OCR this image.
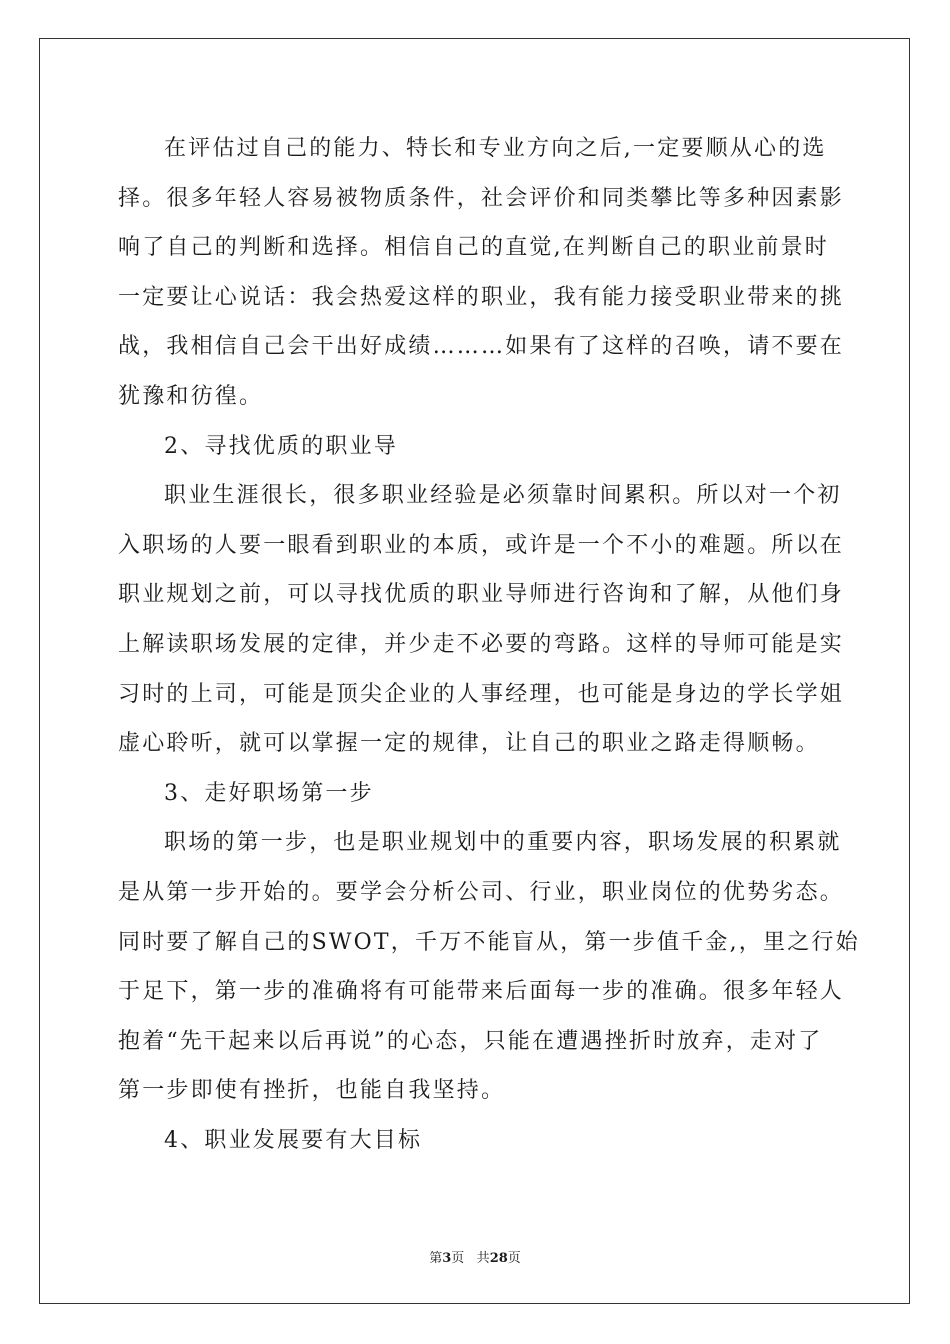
在评估过自己的能力、特长和专业方向之后,一定要顺从心的选
择。很多年轻人容易被物质条件，社会评价和同类攀比等多种因素影
响了自己的判断和选择。相信自己的直觉,在判断自己的职业前景时
一定要让心说话：我会热爱这样的职业，我有能力接受职业带来的挑
战，我相信自己会干出好成绩………如果有了这样的召唤，请不要在
犹豫和彷徨。
2、寻找优质的职业导
职业生涯很长，很多职业经验是必须靠时间累积。所以对一个初
入职场的人要一眼看到职业的本质，或许是一个不小的难题。所以在
职业规划之前，可以寻找优质的职业导师进行咨询和了解，从他们身
上解读职场发展的定律，并少走不必要的弯路。这样的导师可能是实
习时的上司，可能是顶尖企业的人事经理，也可能是身边的学长学姐
虚心聆听，就可以掌握一定的规律，让自己的职业之路走得顺畅。
3、走好职场第一步
职场的第一步，也是职业规划中的重要内容，职场发展的积累就
是从第一步开始的。要学会分析公司、行业，职业岗位的优势劣态。
同时要了解自己的SWOT，千万不能盲从，第一步值千金,，里之行始
于足下，第一步的准确将有可能带来后面每一步的准确。很多年轻人
抱着“先干起来以后再说”的心态，只能在遭遇挫折时放弃，走对了
第一步即使有挫折，也能自我坚持。
4、职业发展要有大目标
第3页 共28页
